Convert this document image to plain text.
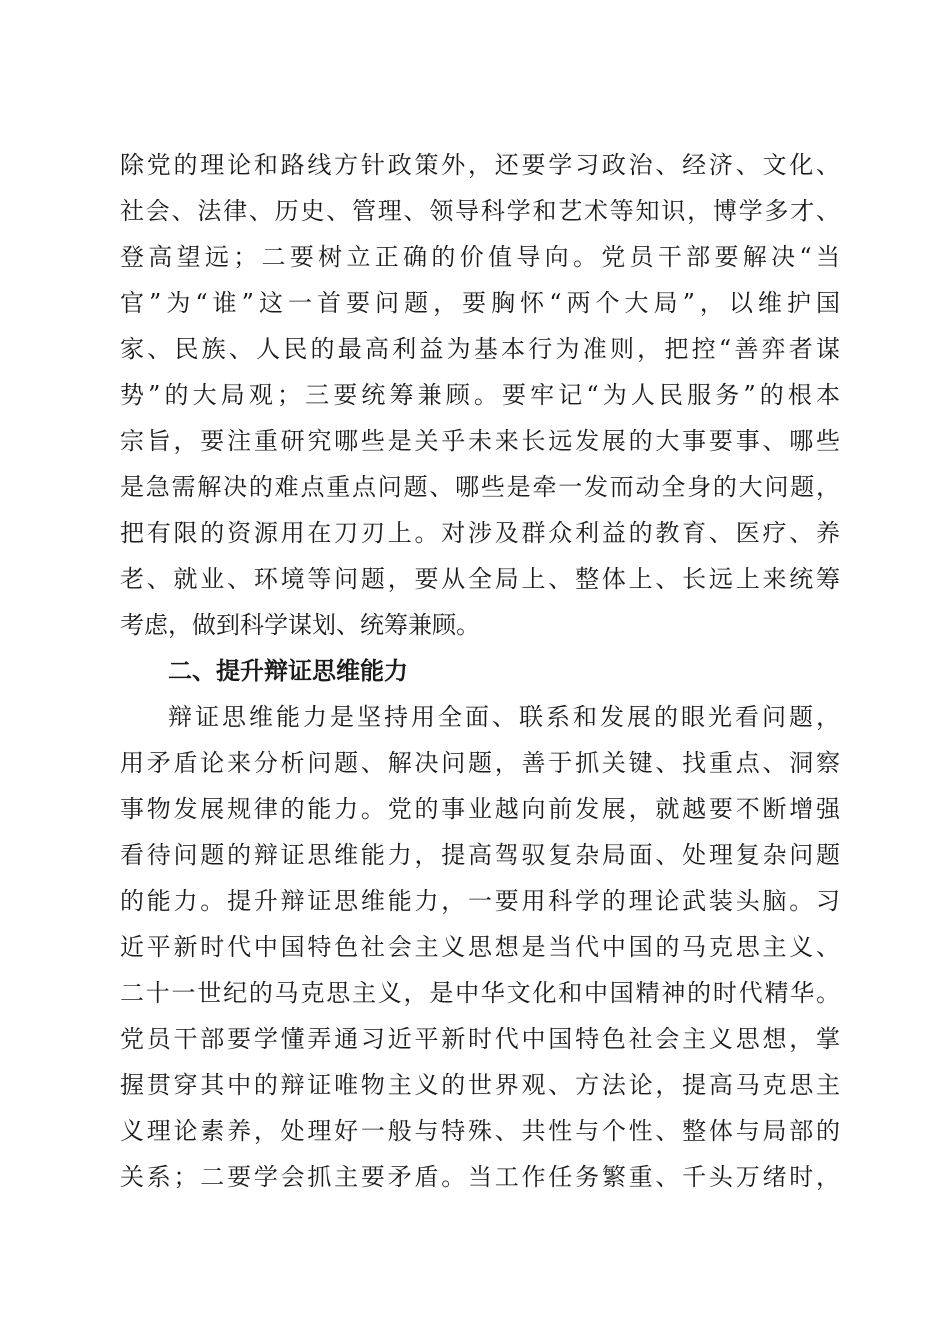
除党的理论和路线方针政策外，还要学习政治、经济、文化、
社会、法律、历史、管理、领导科学和艺术等知识，博学多才、
登高望远；二要树立正确的价值导向。党员干部要解决“当
官”为“谁”这一首要问题，要胸怀“两个大局”，以维护国
家、民族、人民的最高利益为基本行为准则，把控“善弈者谋
势”的大局观；三要统筹兼顾。要牢记“为人民服务”的根本
宗旨，要注重研究哪些是关乎未来长远发展的大事要事、哪些
是急需解决的难点重点问题、哪些是牵一发而动全身的大问题，
把有限的资源用在刀刃上。对涉及群众利益的教育、医疗、养
老、就业、环境等问题，要从全局上、整体上、长远上来统筹
考虑，做到科学谋划、统筹兼顾。
二、提升辩证思维能力
辩证思维能力是坚持用全面、联系和发展的眼光看问题，
用矛盾论来分析问题、解决问题，善于抓关键、找重点、洞察
事物发展规律的能力。党的事业越向前发展，就越要不断增强
看待问题的辩证思维能力，提高驾驭复杂局面、处理复杂问题
的能力。提升辩证思维能力，一要用科学的理论武装头脑。习
近平新时代中国特色社会主义思想是当代中国的马克思主义、
二十一世纪的马克思主义，是中华文化和中国精神的时代精华。
党员干部要学懂弄通习近平新时代中国特色社会主义思想，掌
握贯穿其中的辩证唯物主义的世界观、方法论，提高马克思主
义理论素养，处理好一般与特殊、共性与个性、整体与局部的
关系；二要学会抓主要矛盾。当工作任务繁重、千头万绪时，
